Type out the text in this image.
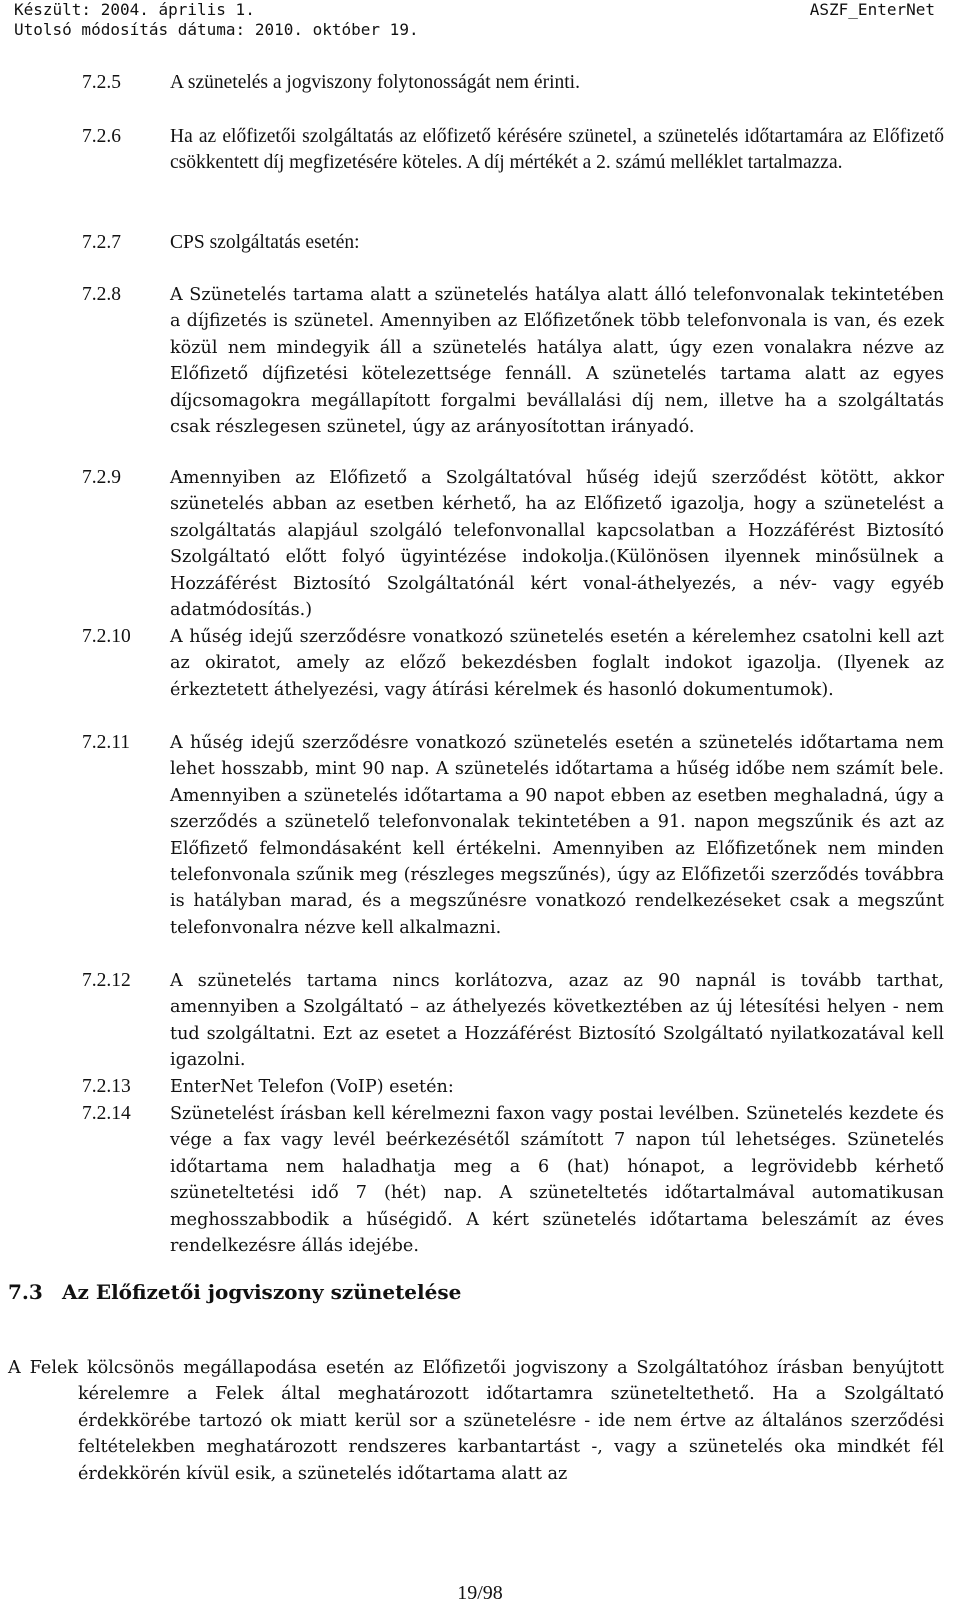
Készült: 2004. április 1.
Utolsó módosítás dátuma: 2010. október 19.
ASZF_EnterNet
7.2.5	A szünetelés a jogviszony folytonosságát nem érinti.
7.2.6	Ha az előfizetői szolgáltatás az előfizető kérésére szünetel, a szünetelés időtartamára az Előfizető csökkentett díj megfizetésére köteles. A díj mértékét a 2. számú melléklet tartalmazza.
7.2.7	CPS szolgáltatás esetén:
7.2.8	A Szünetelés tartama alatt a szünetelés hatálya alatt álló telefonvonalak tekintetében a díjfizetés is szünetel. Amennyiben az Előfizetőnek több telefonvonala is van, és ezek közül nem mindegyik áll a szünetelés hatálya alatt, úgy ezen vonalakra nézve az Előfizető díjfizetési kötelezettsége fennáll. A szünetelés tartama alatt az egyes díjcsomagokra megállapított forgalmi bevállalási díj nem, illetve ha a szolgáltatás csak részlegesen szünetel, úgy az arányosítottan irányadó.
7.2.9	Amennyiben az Előfizető a Szolgáltatóval hűség idejű szerződést kötött, akkor szünetelés abban az esetben kérhető, ha az Előfizető igazolja, hogy a szünetelést a szolgáltatás alapjául szolgáló telefonvonallal kapcsolatban a Hozzáférést Biztosító Szolgáltató előtt folyó ügyintézése indokolja.(Különösen ilyennek minősülnek a Hozzáférést Biztosító Szolgáltatónál kért vonal-áthelyezés, a név- vagy egyéb adatmódosítás.)
7.2.10 A hűség idejű szerződésre vonatkozó szünetelés esetén a kérelemhez csatolni kell azt az okiratot, amely az előző bekezdésben foglalt indokot igazolja. (Ilyenek az érkeztetett áthelyezési, vagy átírási kérelmek és hasonló dokumentumok).
7.2.11 A hűség idejű szerződésre vonatkozó szünetelés esetén a szünetelés időtartama nem lehet hosszabb, mint 90 nap. A szünetelés időtartama a hűség időbe nem számít bele. Amennyiben a szünetelés időtartama a 90 napot ebben az esetben meghaladná, úgy a szerződés a szünetelő telefonvonalak tekintetében a 91. napon megszűnik és azt az Előfizető felmondásaként kell értékelni. Amennyiben az Előfizetőnek nem minden telefonvonala szűnik meg (részleges megszűnés), úgy az Előfizetői szerződés továbbra is hatályban marad, és a megszűnésre vonatkozó rendelkezéseket csak a megszűnt telefonvonalra nézve kell alkalmazni.
7.2.12 A szünetelés tartama nincs korlátozva, azaz az 90 napnál is tovább tarthat, amennyiben a Szolgáltató – az áthelyezés következtében az új létesítési helyen - nem tud szolgáltatni. Ezt az esetet a Hozzáférést Biztosító Szolgáltató nyilatkozatával kell igazolni.
7.2.13 EnterNet Telefon (VoIP) esetén:
7.2.14 Szünetelést írásban kell kérelmezni faxon vagy postai levélben. Szünetelés kezdete és vége a fax vagy levél beérkezésétől számított 7 napon túl lehetséges. Szünetelés időtartama nem haladhatja meg a 6 (hat) hónapot, a legrövidebb kérhető szüneteltetési idő 7 (hét) nap. A szüneteltetés időtartalmával automatikusan meghosszabbodik a hűségidő. A kért szünetelés időtartama beleszámít az éves rendelkezésre állás idejébe.
7.3 Az Előfizetői jogviszony szünetelése
A Felek kölcsönös megállapodása esetén az Előfizetői jogviszony a Szolgáltatóhoz írásban benyújtott kérelemre a Felek által meghatározott időtartamra szüneteltethető. Ha a Szolgáltató érdekkörébe tartozó ok miatt kerül sor a szünetelésre - ide nem értve az általános szerződési feltételekben meghatározott rendszeres karbantartást -, vagy a szünetelés oka mindkét fél érdekkörén kívül esik, a szünetelés időtartama alatt az
19/98
